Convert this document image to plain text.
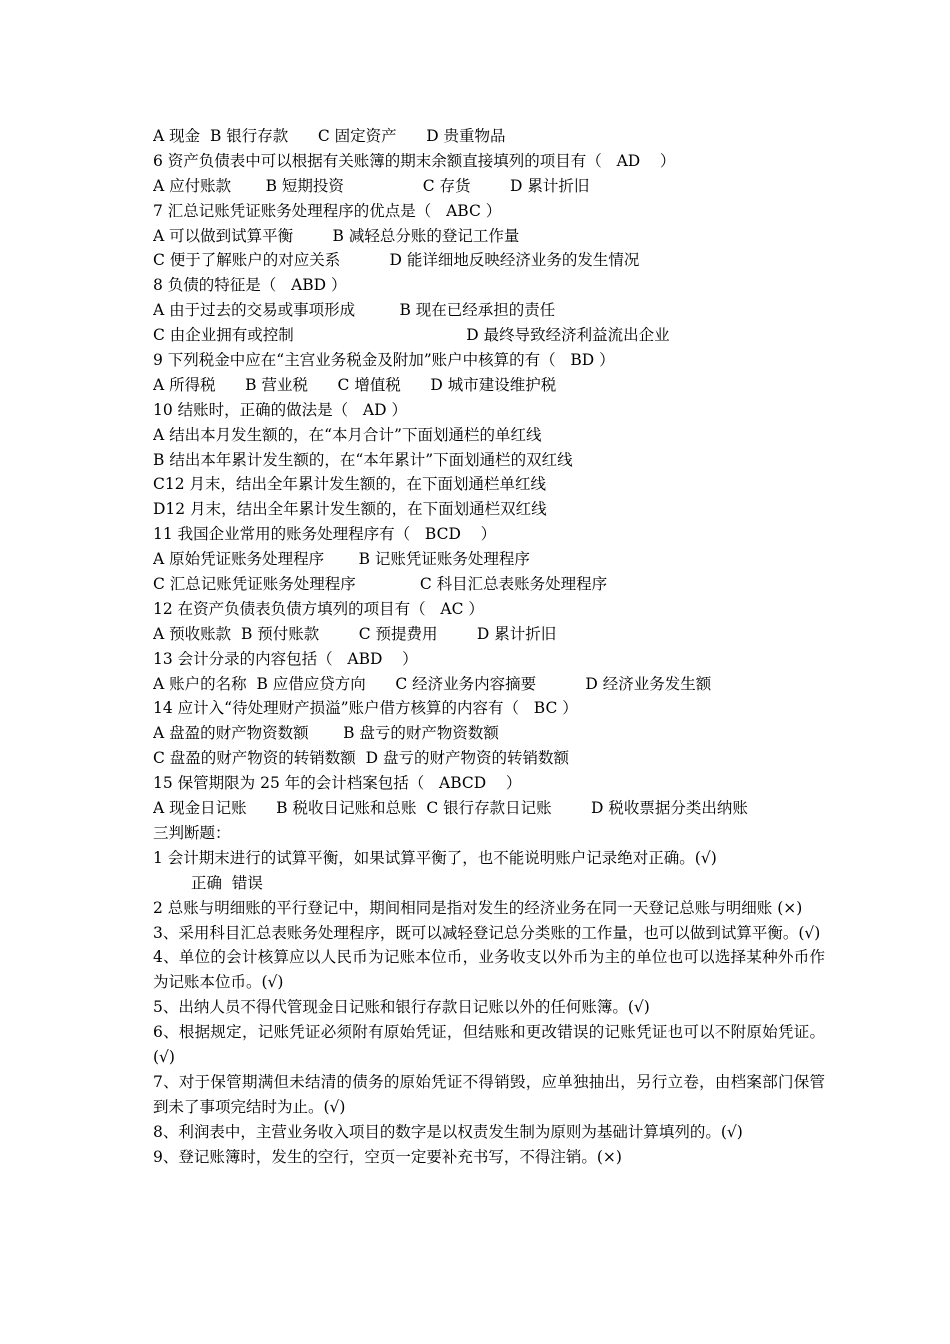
A 现金  B 银行存款      C 固定资产      D 贵重物品
6 资产负债表中可以根据有关账簿的期末余额直接填列的项目有（   AD    ）
A 应付账款       B 短期投资                C 存货        D 累计折旧
7 汇总记账凭证账务处理程序的优点是（   ABC ）
A 可以做到试算平衡        B 减轻总分账的登记工作量
C 便于了解账户的对应关系          D 能详细地反映经济业务的发生情况
8 负债的特征是（   ABD ）
A 由于过去的交易或事项形成         B 现在已经承担的责任
C 由企业拥有或控制                                   D 最终导致经济利益流出企业
9 下列税金中应在“主宫业务税金及附加”账户中核算的有（   BD ）
A 所得税      B 营业税      C 增值税      D 城市建设维护税
10 结账时，正确的做法是（   AD ）
A 结出本月发生额的，在“本月合计”下面划通栏的单红线
B 结出本年累计发生额的，在“本年累计”下面划通栏的双红线
C12 月末，结出全年累计发生额的，在下面划通栏单红线
D12 月末，结出全年累计发生额的，在下面划通栏双红线
11 我国企业常用的账务处理程序有（   BCD    ）
A 原始凭证账务处理程序       B 记账凭证账务处理程序
C 汇总记账凭证账务处理程序             C 科目汇总表账务处理程序
12 在资产负债表负债方填列的项目有（   AC ）
A 预收账款  B 预付账款        C 预提费用        D 累计折旧
13 会计分录的内容包括（   ABD    ）
A 账户的名称  B 应借应贷方向      C 经济业务内容摘要          D 经济业务发生额
14 应计入“待处理财产损溢”账户借方核算的内容有（   BC ）
A 盘盈的财产物资数额       B 盘亏的财产物资数额
C 盘盈的财产物资的转销数额  D 盘亏的财产物资的转销数额
15 保管期限为 25 年的会计档案包括（   ABCD    ）
A 现金日记账      B 税收日记账和总账  C 银行存款日记账        D 税收票据分类出纳账
三判断题：
1 会计期末进行的试算平衡，如果试算平衡了，也不能说明账户记录绝对正确。(√)
正确  错误
2 总账与明细账的平行登记中，期间相同是指对发生的经济业务在同一天登记总账与明细账 (×)
3、采用科目汇总表账务处理程序，既可以减轻登记总分类账的工作量，也可以做到试算平衡。(√)
4、单位的会计核算应以人民币为记账本位币，业务收支以外币为主的单位也可以选择某种外币作为记账本位币。(√)
5、出纳人员不得代管现金日记账和银行存款日记账以外的任何账簿。(√)
6、根据规定，记账凭证必须附有原始凭证，但结账和更改错误的记账凭证也可以不附原始凭证。(√)
7、对于保管期满但未结清的债务的原始凭证不得销毁，应单独抽出，另行立卷，由档案部门保管到未了事项完结时为止。(√)
8、利润表中，主营业务收入项目的数字是以权责发生制为原则为基础计算填列的。(√)
9、登记账簿时，发生的空行，空页一定要补充书写，不得注销。(×)
